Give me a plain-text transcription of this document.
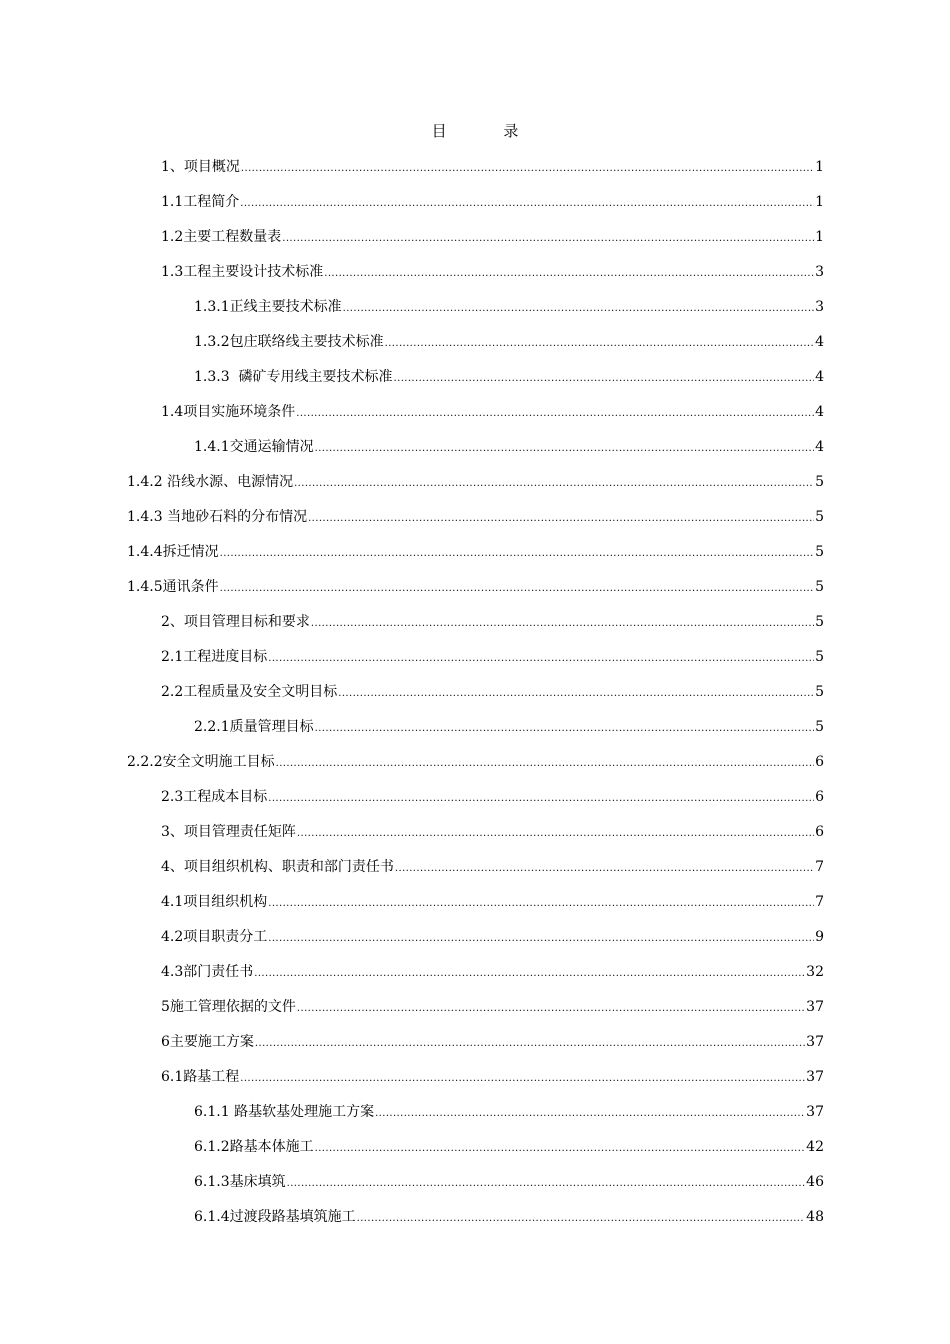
目 录
1、项目概况 .....	1
1.1工程简介 .....	1
1.2主要工程数量表 .....	1
1.3工程主要设计技术标准 .....	3
1.3.1正线主要技术标准 .....	3
1.3.2包庄联络线主要技术标准 .....	4
1.3.3  磷矿专用线主要技术标准 .....	4
1.4项目实施环境条件 .....	4
1.4.1交通运输情况 .....	4
1.4.2 沿线水源、电源情况 .....	5
1.4.3 当地砂石料的分布情况 .....	5
1.4.4拆迁情况 .....	5
1.4.5通讯条件 .....	5
2、项目管理目标和要求 .....	5
2.1工程进度目标 .....	5
2.2工程质量及安全文明目标 .....	5
2.2.1质量管理目标 .....	5
2.2.2安全文明施工目标 .....	6
2.3工程成本目标 .....	6
3、项目管理责任矩阵 .....	6
4、项目组织机构、职责和部门责任书 .....	7
4.1项目组织机构 .....	7
4.2项目职责分工 .....	9
4.3部门责任书 .....	32
5施工管理依据的文件 .....	37
6主要施工方案 .....	37
6.1路基工程 .....	37
6.1.1 路基软基处理施工方案 .....	37
6.1.2路基本体施工 .....	42
6.1.3基床填筑 .....	46
6.1.4过渡段路基填筑施工 .....	48
